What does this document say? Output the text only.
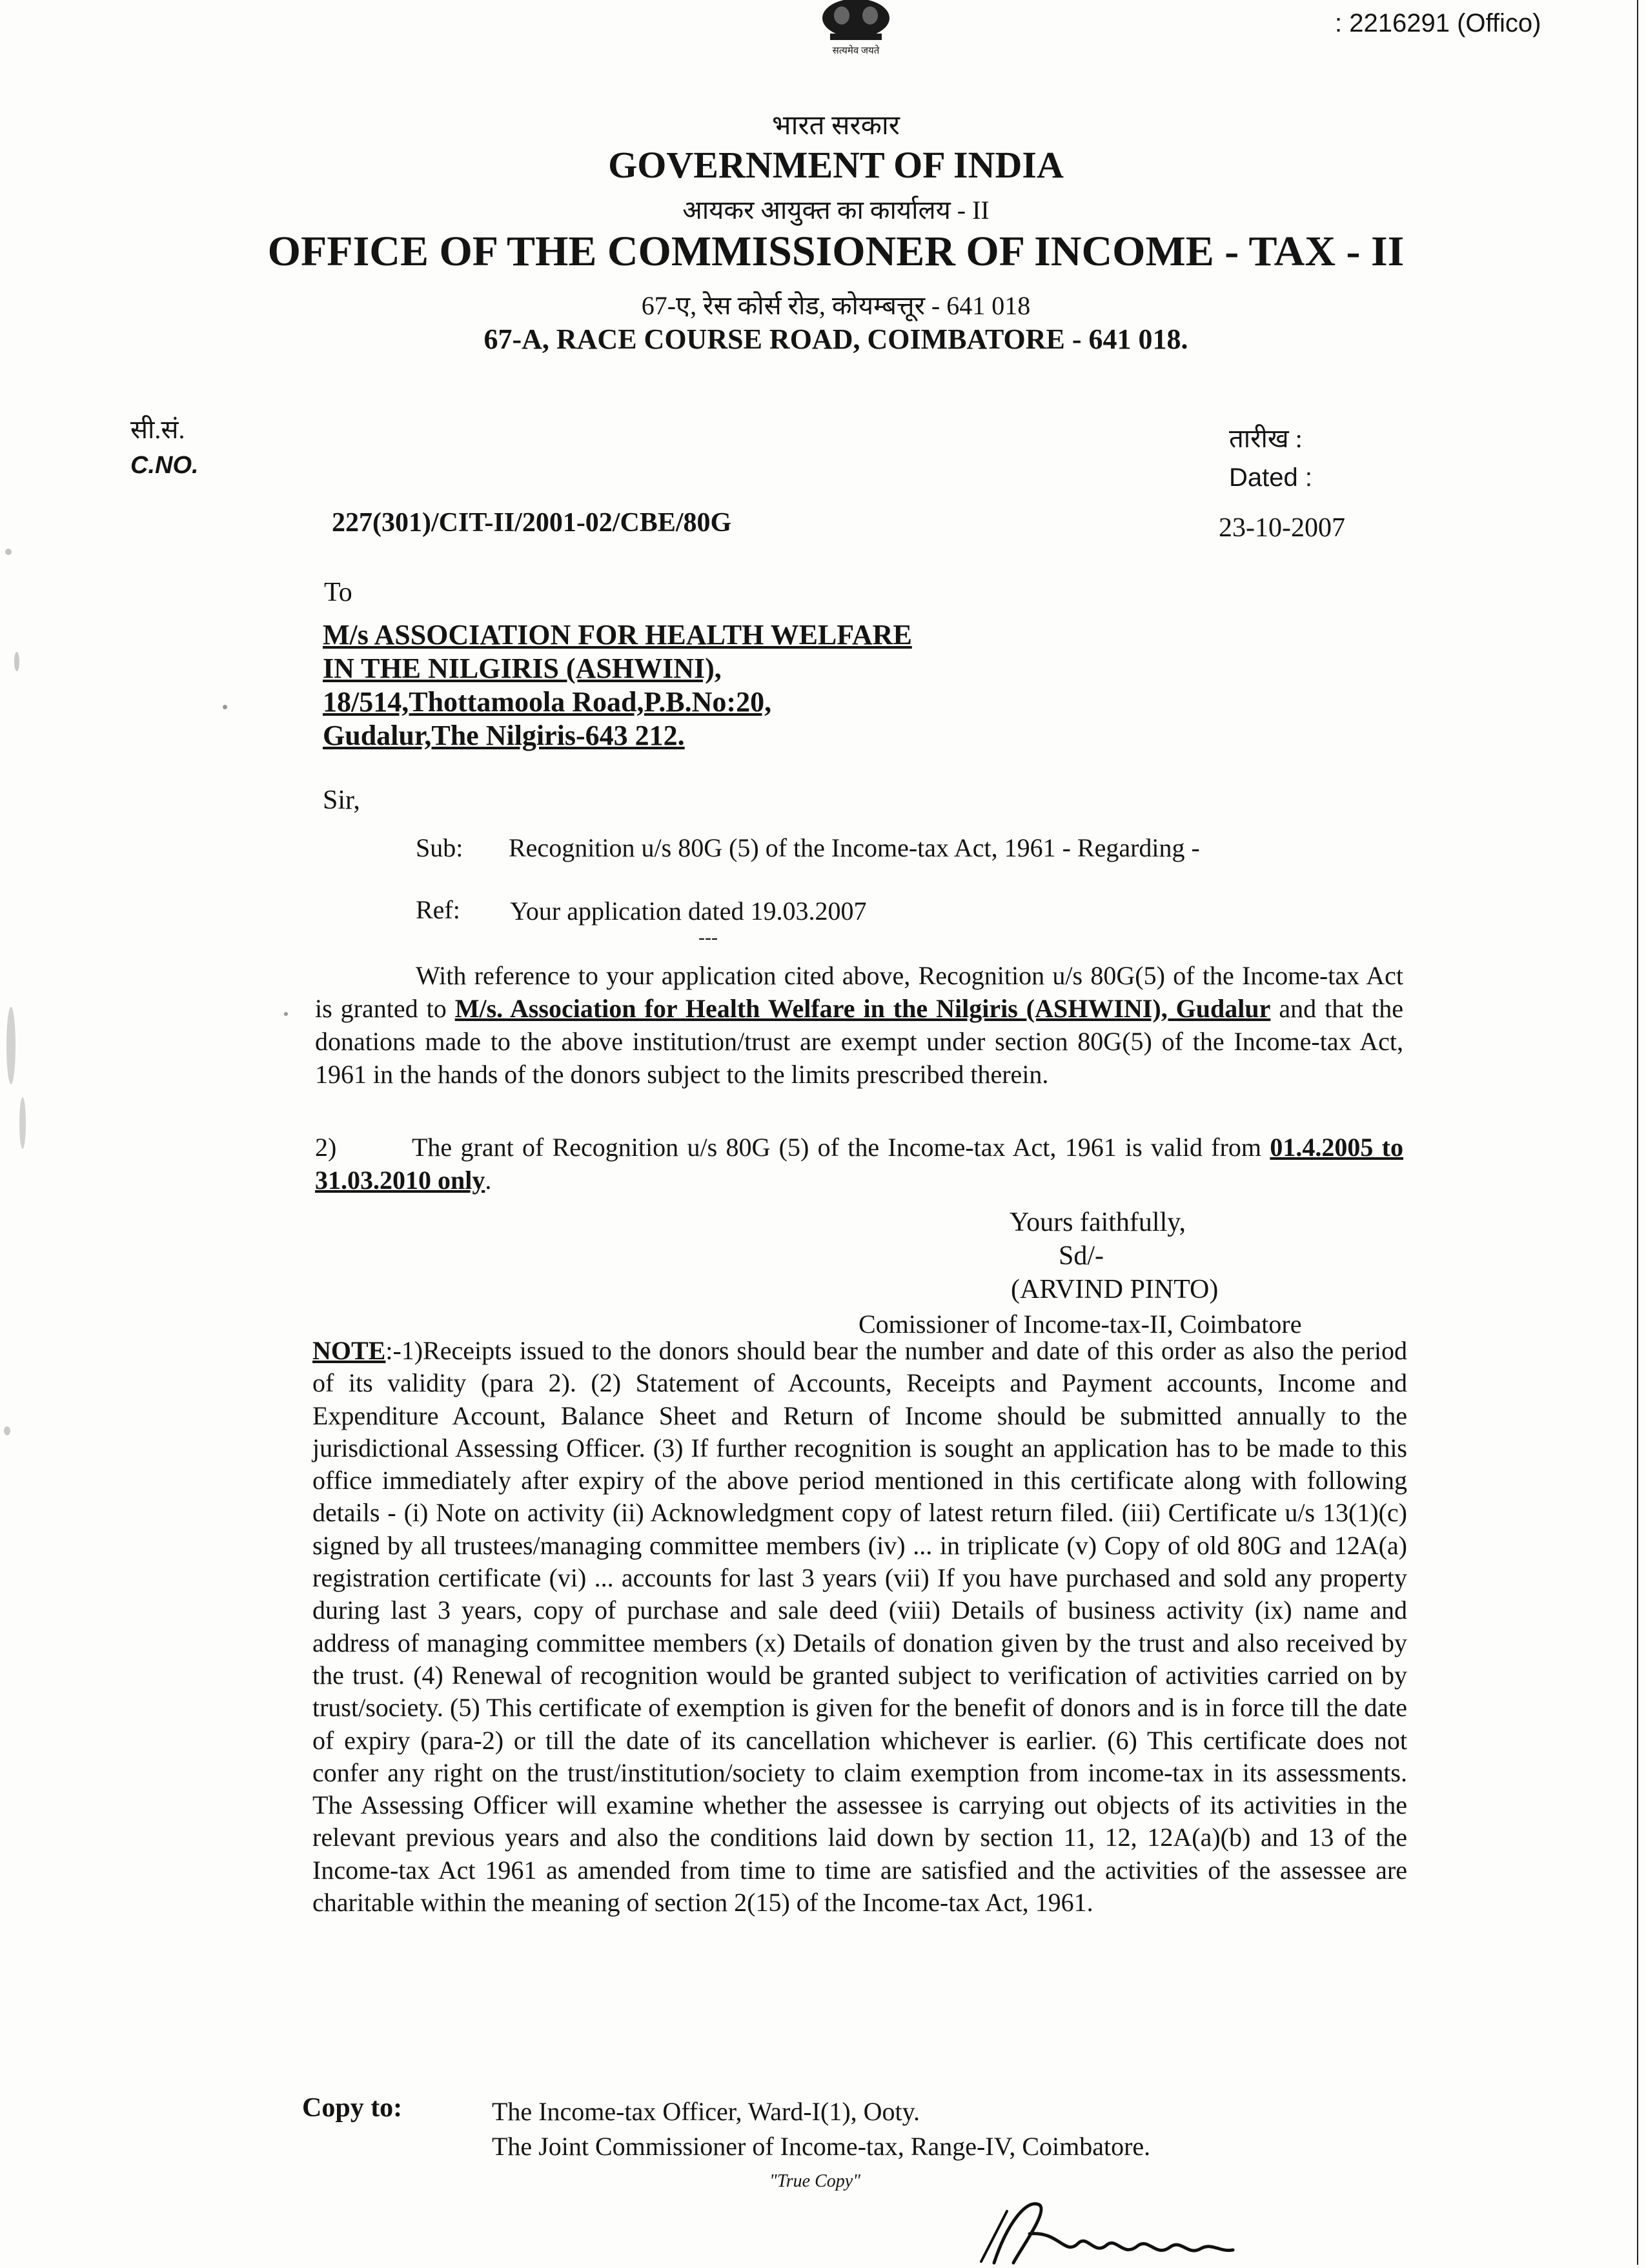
: 2216291 (Offico)
सत्यमेव जयते
भारत सरकार
GOVERNMENT OF INDIA
आयकर आयुक्त का कार्यालय - II
OFFICE OF THE COMMISSIONER OF INCOME - TAX - II
67-ए, रेस कोर्स रोड, कोयम्बत्तूर - 641 018
67-A, RACE COURSE ROAD, COIMBATORE - 641 018.
सी.सं.
C.NO.
तारीख :
Dated :
227(301)/CIT-II/2001-02/CBE/80G	23-10-2007
To
M/s ASSOCIATION FOR HEALTH WELFARE
IN THE NILGIRIS (ASHWINI),
18/514,Thottamoola Road,P.B.No:20,
Gudalur,The Nilgiris-643 212.
Sir,
Sub: Recognition u/s 80G (5) of the Income-tax Act, 1961 - Regarding -
Ref: Your application dated 19.03.2007
---
With reference to your application cited above, Recognition u/s 80G(5) of the Income-tax Act is granted to M/s. Association for Health Welfare in the Nilgiris (ASHWINI), Gudalur and that the donations made to the above institution/trust are exempt under section 80G(5) of the Income-tax Act, 1961 in the hands of the donors subject to the limits prescribed therein.
2)	The grant of Recognition u/s 80G (5) of the Income-tax Act, 1961 is valid from 01.4.2005 to 31.03.2010 only.
Yours faithfully,
Sd/-
(ARVIND PINTO)
Comissioner of Income-tax-II, Coimbatore
NOTE:-1)Receipts issued to the donors should bear the number and date of this order as also the period of its validity (para 2). (2) Statement of Accounts, Receipts and Payment accounts, Income and Expenditure Account, Balance Sheet and Return of Income should be submitted annually to the jurisdictional Assessing Officer. (3) If further recognition is sought an application has to be made to this office immediately after expiry of the above period mentioned in this certificate along with following details - (i) Note on activity (ii) Acknowledgment copy of latest return filed. (iii) Certificate u/s 13(1)(c) signed by all trustees/managing committee members (iv) ... in triplicate (v) Copy of old 80G and 12A(a) registration certificate (vi) ... accounts for last 3 years (vii) If you have purchased and sold any property during last 3 years, copy of purchase and sale deed (viii) Details of business activity (ix) name and address of managing committee members (x) Details of donation given by the trust and also received by the trust. (4) Renewal of recognition would be granted subject to verification of activities carried on by trust/society. (5) This certificate of exemption is given for the benefit of donors and is in force till the date of expiry (para-2) or till the date of its cancellation whichever is earlier. (6) This certificate does not confer any right on the trust/institution/society to claim exemption from income-tax in its assessments. The Assessing Officer will examine whether the assessee is carrying out objects of its activities in the relevant previous years and also the conditions laid down by section 11, 12, 12A(a)(b) and 13 of the Income-tax Act 1961 as amended from time to time are satisfied and the activities of the assessee are charitable within the meaning of section 2(15) of the Income-tax Act, 1961.
Copy to:	The Income-tax Officer, Ward-I(1), Ooty.
The Joint Commissioner of Income-tax, Range-IV, Coimbatore.
"True Copy"
